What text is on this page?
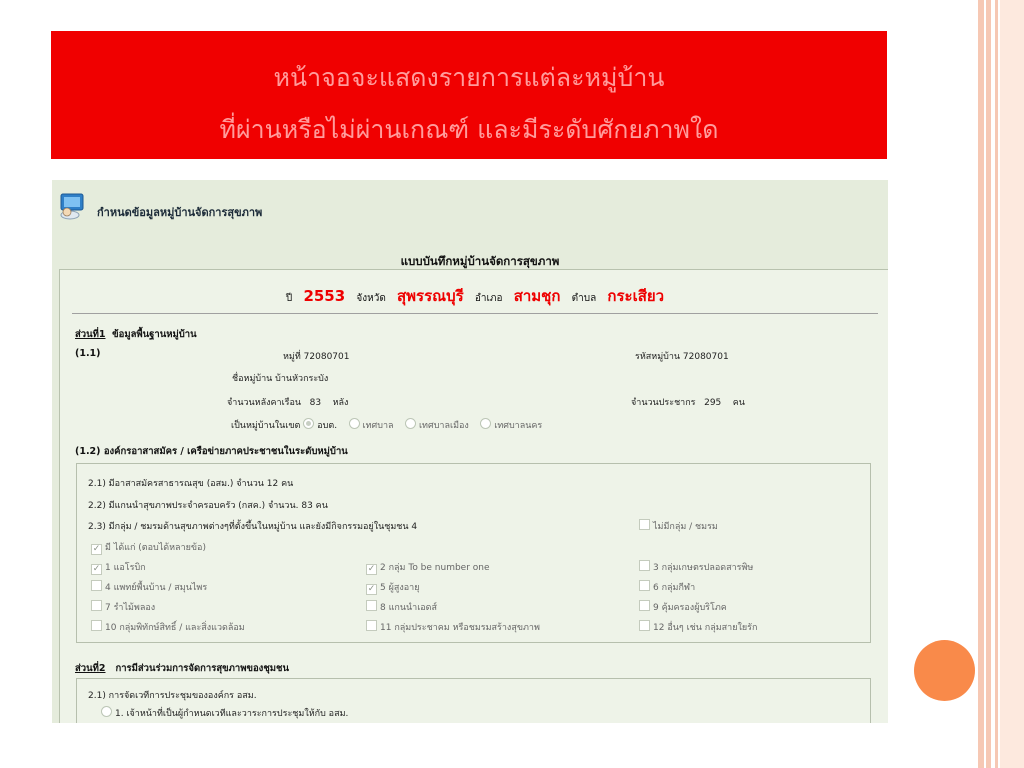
หน้าจอจะแสดงรายการแต่ละหมู่บ้าน
ที่ผ่านหรือไม่ผ่านเกณฑ์ และมีระดับศักยภาพใด
กำหนดข้อมูลหมู่บ้านจัดการสุขภาพ
แบบบันทึกหมู่บ้านจัดการสุขภาพ
ปี 2553 จังหวัด สุพรรณบุรี อำเภอ สามชุก ตำบล กระเสียว
ส่วนที่1 ข้อมูลพื้นฐานหมู่บ้าน
(1.1)	หมู่ที่ 72080701	รหัสหมู่บ้าน 72080701
ชื่อหมู่บ้าน บ้านหัวกระบัง
จำนวนหลังคาเรือน 83 หลัง	จำนวนประชากร 295 คน
เป็นหมู่บ้านในเขต อบต.	เทศบาล	เทศบาลเมือง	เทศบาลนคร
(1.2) องค์กรอาสาสมัคร / เครือข่ายภาคประชาชนในระดับหมู่บ้าน
2.1) มีอาสาสมัครสาธารณสุข (อสม.) จำนวน 12 คน
2.2) มีแกนนำสุขภาพประจำครอบครัว (กสค.) จำนวน. 83 คน
2.3) มีกลุ่ม / ชมรมด้านสุขภาพต่างๆที่ตั้งขึ้นในหมู่บ้าน และยังมีกิจกรรมอยู่ในชุมชน 4	ไม่มีกลุ่ม / ชมรม
✓ มี ได้แก่ (ตอบได้หลายข้อ)
✓ 1 แอโรบิก	✓ 2 กลุ่ม To be number one	3 กลุ่มเกษตรปลอดสารพิษ
4 แพทย์พื้นบ้าน / สมุนไพร	✓ 5 ผู้สูงอายุ	6 กลุ่มกีฬา
7 รำไม้พลอง	8 แกนนำเอดส์	9 คุ้มครองผู้บริโภค
10 กลุ่มพิทักษ์สิทธิ์ / และสิ่งแวดล้อม	11 กลุ่มประชาคม หรือชมรมสร้างสุขภาพ	12 อื่นๆ เช่น กลุ่มสายใยรัก
ส่วนที่2 การมีส่วนร่วมการจัดการสุขภาพของชุมชน
2.1) การจัดเวทีการประชุมขององค์กร อสม.
1. เจ้าหน้าที่เป็นผู้กำหนดเวทีและวาระการประชุมให้กับ อสม.
